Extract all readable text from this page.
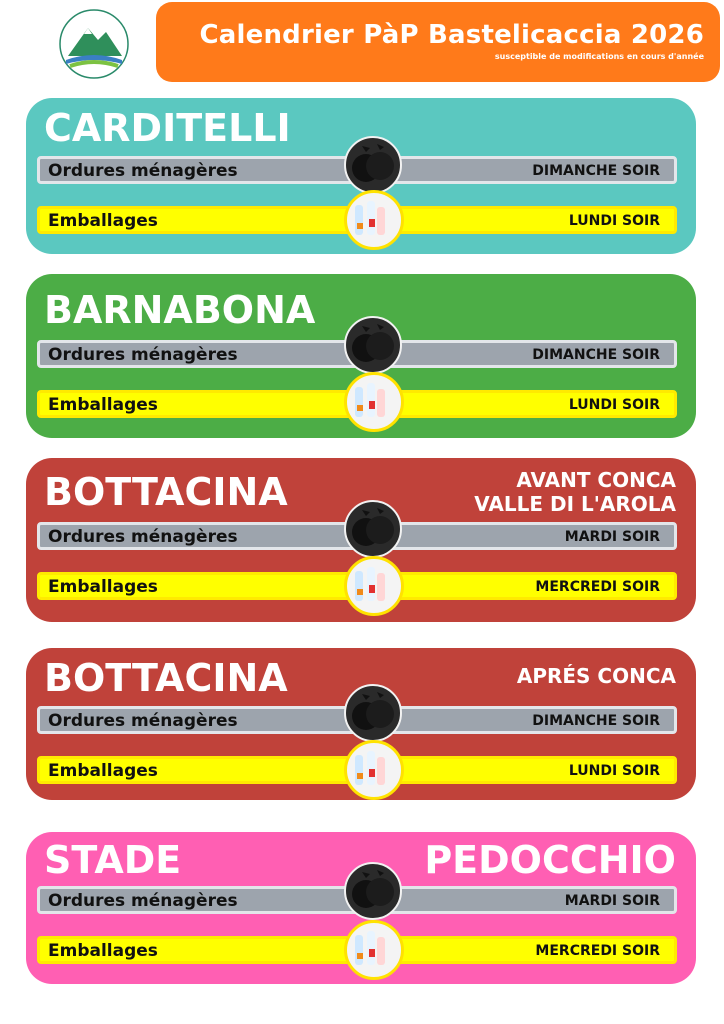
Calendrier PàP Bastelicaccia 2026
susceptible de modifications en cours d'année
CARDITELLI
Ordures ménagères	DIMANCHE SOIR
Emballages	LUNDI SOIR
BARNABONA
Ordures ménagères	DIMANCHE SOIR
Emballages	LUNDI SOIR
BOTTACINA	AVANT CONCA
VALLE DI L'AROLA
Ordures ménagères	MARDI SOIR
Emballages	MERCREDI SOIR
BOTTACINA	APRÉS CONCA
Ordures ménagères	DIMANCHE SOIR
Emballages	LUNDI SOIR
STADE	PEDOCCHIO
Ordures ménagères	MARDI SOIR
Emballages	MERCREDI SOIR
